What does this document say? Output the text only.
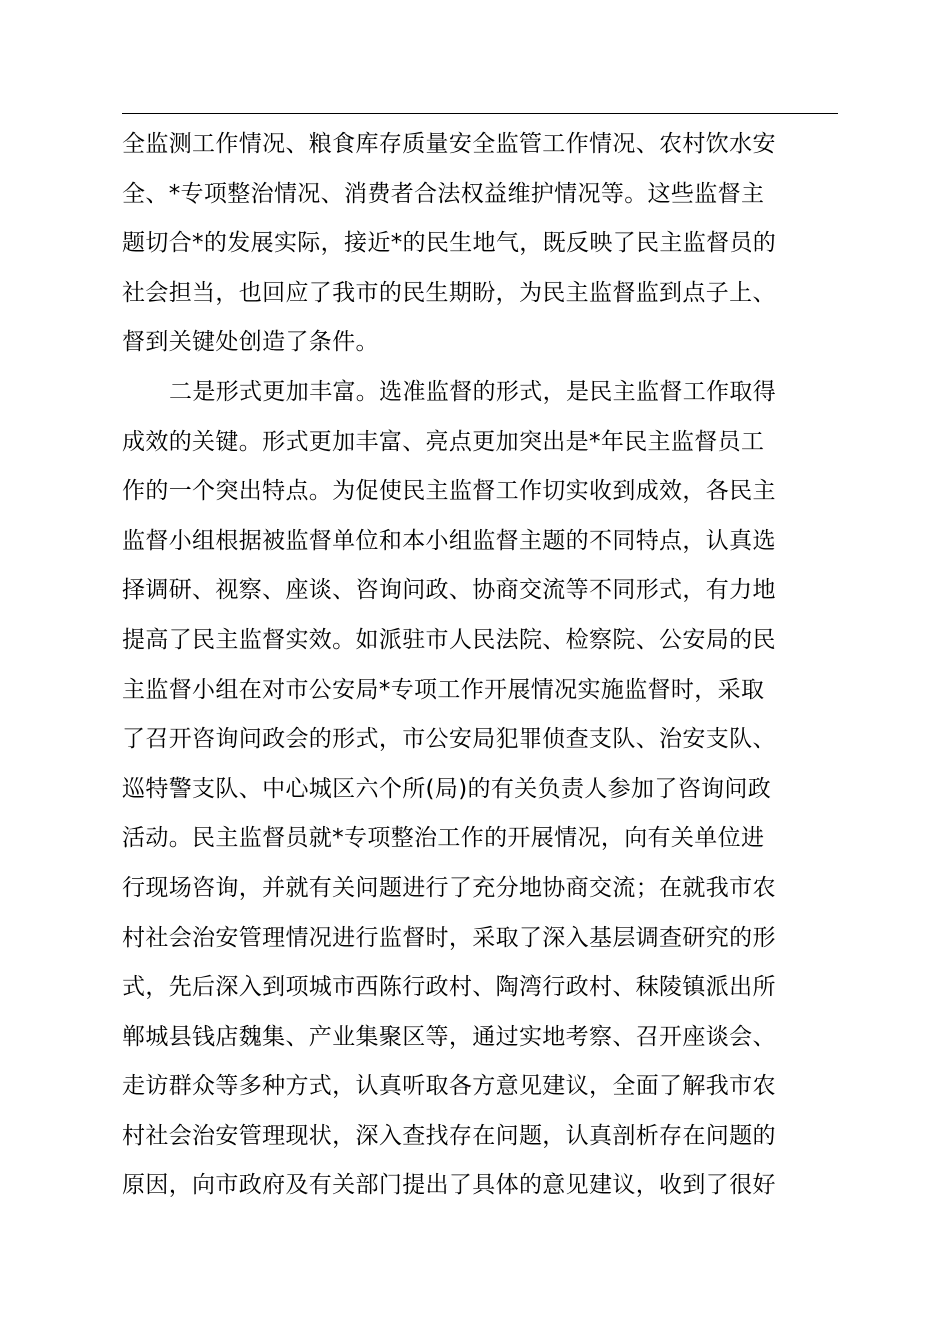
全监测工作情况、粮食库存质量安全监管工作情况、农村饮水安
全、*专项整治情况、消费者合法权益维护情况等。这些监督主
题切合*的发展实际，接近*的民生地气，既反映了民主监督员的
社会担当，也回应了我市的民生期盼，为民主监督监到点子上、
督到关键处创造了条件。
二是形式更加丰富。选准监督的形式，是民主监督工作取得
成效的关键。形式更加丰富、亮点更加突出是*年民主监督员工
作的一个突出特点。为促使民主监督工作切实收到成效，各民主
监督小组根据被监督单位和本小组监督主题的不同特点，认真选
择调研、视察、座谈、咨询问政、协商交流等不同形式，有力地
提高了民主监督实效。如派驻市人民法院、检察院、公安局的民
主监督小组在对市公安局*专项工作开展情况实施监督时，采取
了召开咨询问政会的形式，市公安局犯罪侦查支队、治安支队、
巡特警支队、中心城区六个所(局)的有关负责人参加了咨询问政
活动。民主监督员就*专项整治工作的开展情况，向有关单位进
行现场咨询，并就有关问题进行了充分地协商交流；在就我市农
村社会治安管理情况进行监督时，采取了深入基层调查研究的形
式，先后深入到项城市西陈行政村、陶湾行政村、秣陵镇派出所
郸城县钱店魏集、产业集聚区等，通过实地考察、召开座谈会、
走访群众等多种方式，认真听取各方意见建议，全面了解我市农
村社会治安管理现状，深入查找存在问题，认真剖析存在问题的
原因，向市政府及有关部门提出了具体的意见建议，收到了很好
